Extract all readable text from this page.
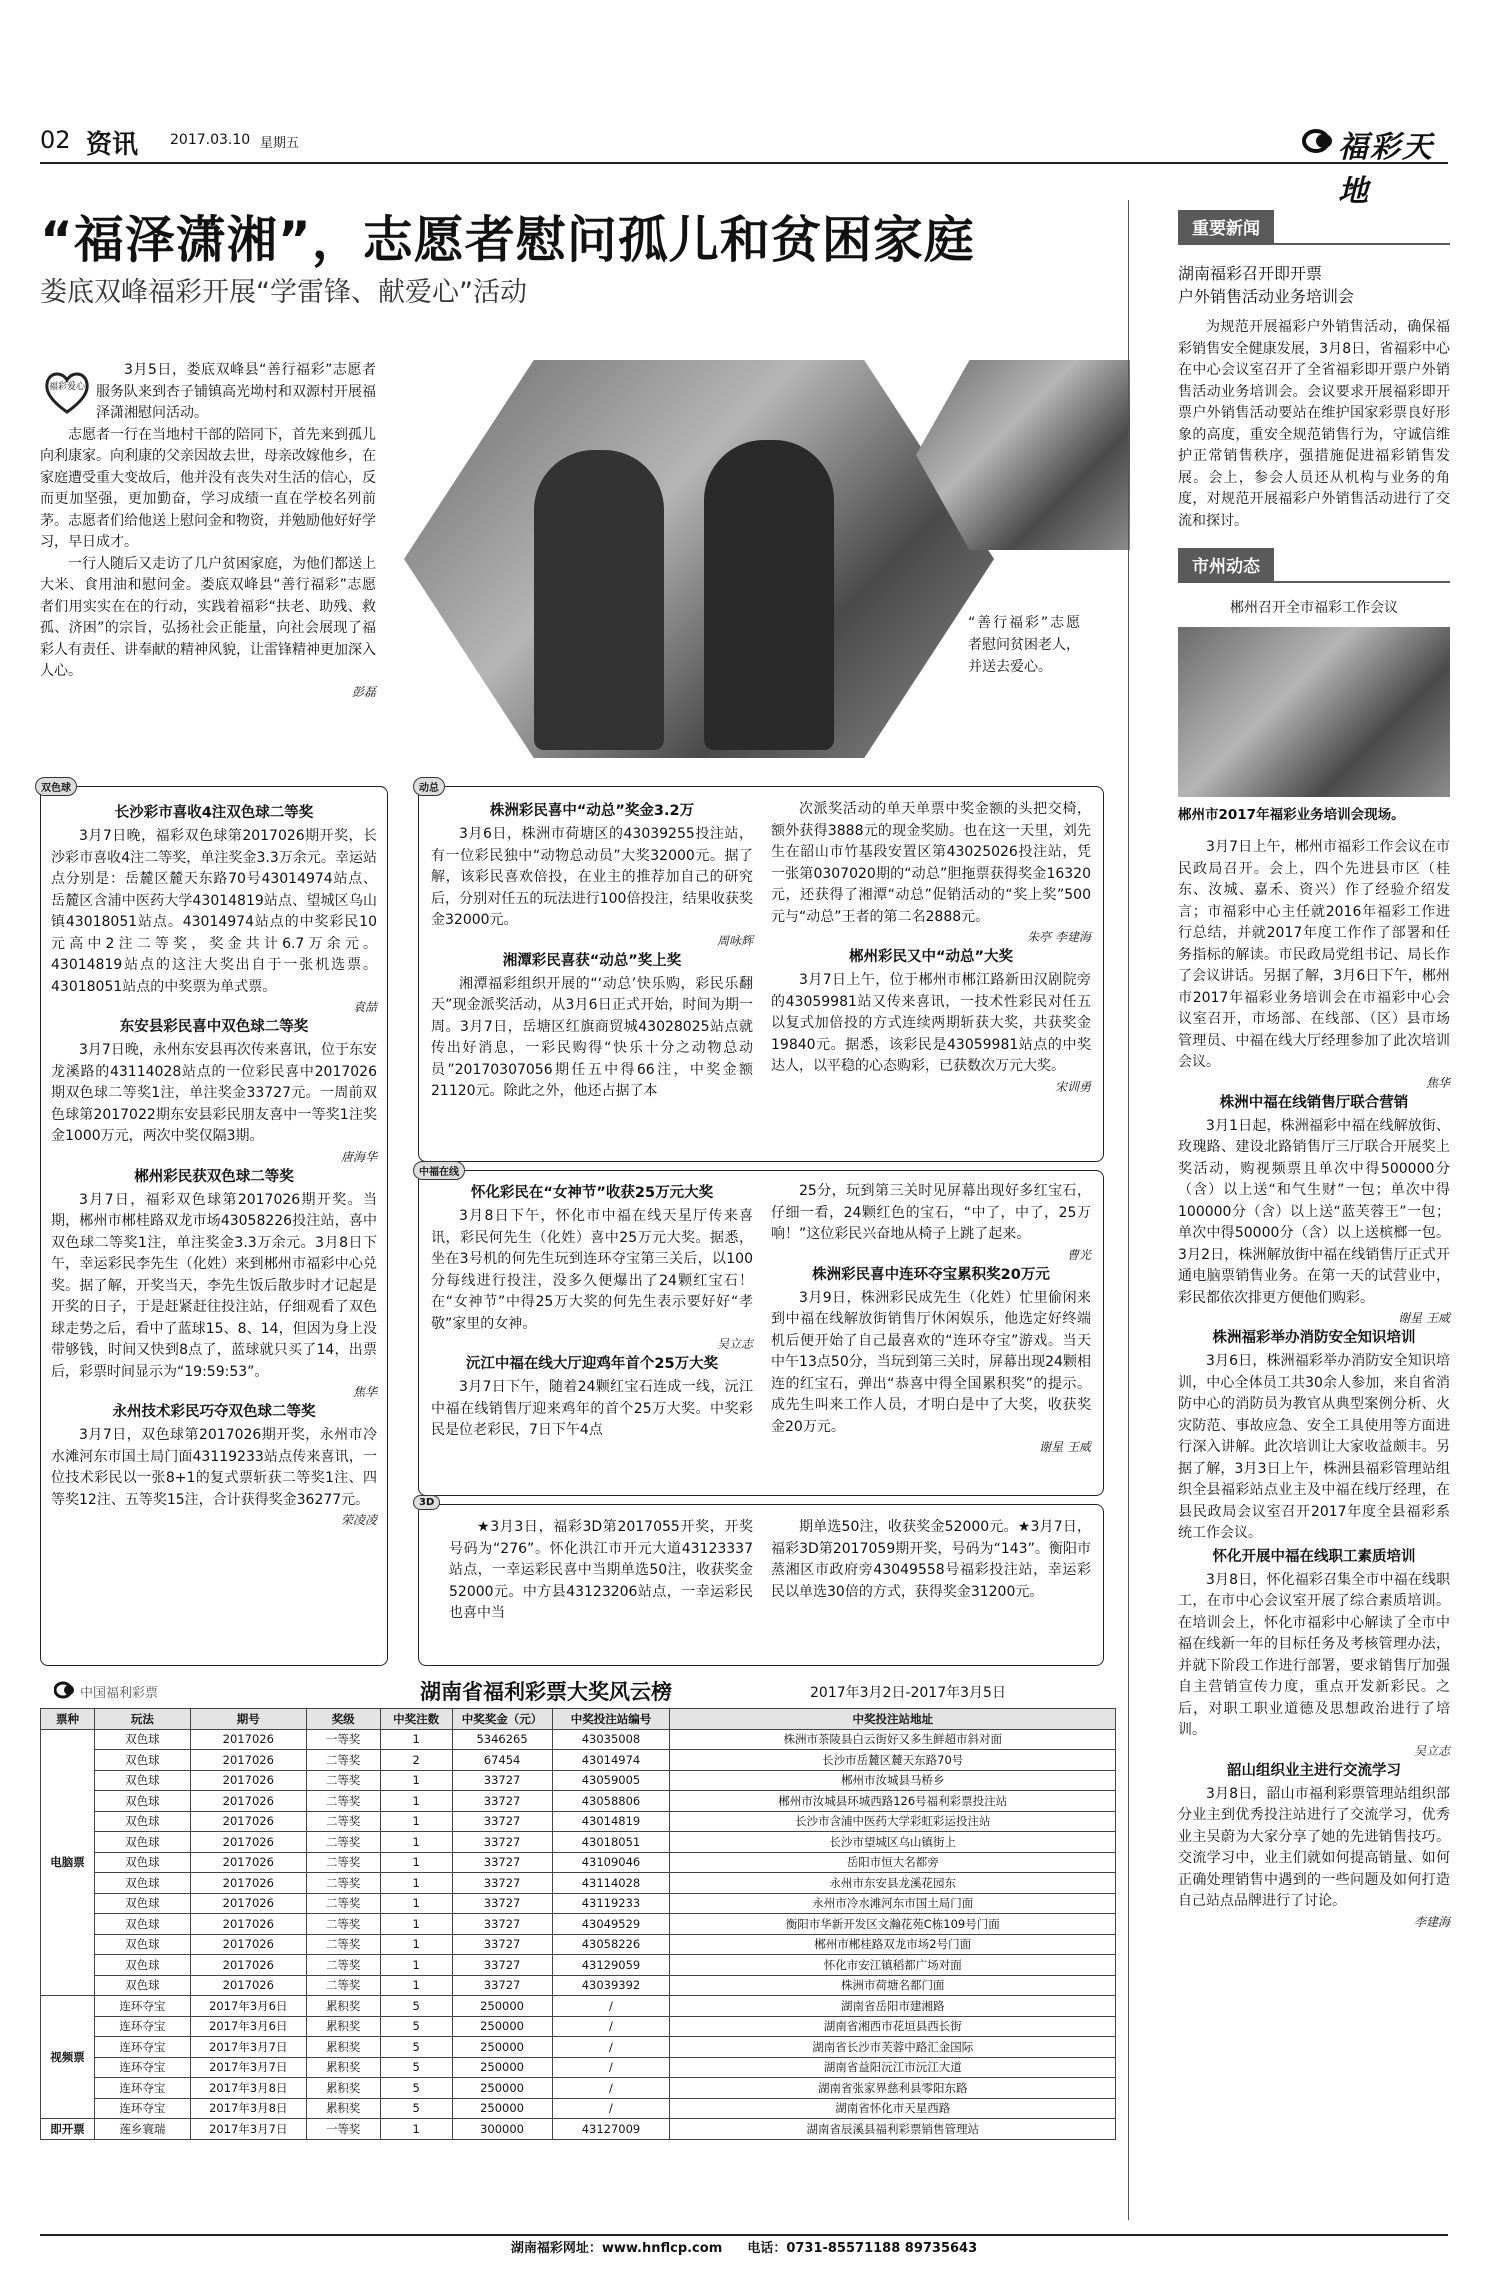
02 资讯 2017.03.10 星期五	福彩天地
“福泽潇湘”，志愿者慰问孤儿和贫困家庭
娄底双峰福彩开展“学雷锋、献爱心”活动
福彩爱心

3月5日，娄底双峰县“善行福彩”志愿者服务队来到杏子铺镇高光坳村和双源村开展福泽潇湘慰问活动。

志愿者一行在当地村干部的陪同下，首先来到孤儿向利康家。向利康的父亲因故去世，母亲改嫁他乡，在家庭遭受重大变故后，他并没有丧失对生活的信心，反而更加坚强，更加勤奋，学习成绩一直在学校名列前茅。志愿者们给他送上慰问金和物资，并勉励他好好学习，早日成才。

一行人随后又走访了几户贫困家庭，为他们都送上大米、食用油和慰问金。娄底双峰县“善行福彩”志愿者们用实实在在的行动，实践着福彩“扶老、助残、救孤、济困”的宗旨，弘扬社会正能量，向社会展现了福彩人有责任、讲奉献的精神风貌，让雷锋精神更加深入人心。

彭磊

“善行福彩”志愿者慰问贫困老人，并送去爱心。
双色球

长沙彩市喜收4注双色球二等奖

3月7日晚，福彩双色球第2017026期开奖，长沙彩市喜收4注二等奖，单注奖金3.3万余元。幸运站点分别是：岳麓区麓天东路70号43014974站点、岳麓区含浦中医药大学43014819站点、望城区乌山镇43018051站点。43014974站点的中奖彩民10元高中2注二等奖，奖金共计6.7万余元。43014819站点的这注大奖出自于一张机选票。43018051站点的中奖票为单式票。

袁喆

东安县彩民喜中双色球二等奖

3月7日晚，永州东安县再次传来喜讯，位于东安龙溪路的43114028站点的一位彩民喜中2017026期双色球二等奖1注，单注奖金33727元。一周前双色球第2017022期东安县彩民朋友喜中一等奖1注奖金1000万元，两次中奖仅隔3期。

唐海华

郴州彩民获双色球二等奖

3月7日，福彩双色球第2017026期开奖。当期，郴州市郴桂路双龙市场43058226投注站，喜中双色球二等奖1注，单注奖金3.3万余元。3月8日下午，幸运彩民李先生（化姓）来到郴州市福彩中心兑奖。据了解，开奖当天，李先生饭后散步时才记起是开奖的日子，于是赶紧赶往投注站，仔细观看了双色球走势之后，看中了蓝球15、8、14，但因为身上没带够钱，时间又快到8点了，蓝球就只买了14，出票后，彩票时间显示为“19:59:53”。

焦华

永州技术彩民巧夺双色球二等奖

3月7日，双色球第2017026期开奖，永州市冷水滩河东市国土局门面43119233站点传来喜讯，一位技术彩民以一张8+1的复式票斩获二等奖1注、四等奖12注、五等奖15注，合计获得奖金36277元。

荣凌凌

动总

株洲彩民喜中“动总”奖金3.2万

3月6日，株洲市荷塘区的43039255投注站，有一位彩民独中“动物总动员”大奖32000元。据了解，该彩民喜欢倍投，在业主的推荐加自己的研究后，分别对任五的玩法进行100倍投注，结果收获奖金32000元。

周咏辉

湘潭彩民喜获“动总”奖上奖

湘潭福彩组织开展的“‘动总’快乐购，彩民乐翻天”现金派奖活动，从3月6日正式开始，时间为期一周。3月7日，岳塘区红旗商贸城43028025站点就传出好消息，一彩民购得“快乐十分之动物总动员”20170307056期任五中得66注，中奖金额21120元。除此之外，他还占据了本

次派奖活动的单天单票中奖金额的头把交椅，额外获得3888元的现金奖励。也在这一天里，刘先生在韶山市竹基段安置区第43025026投注站，凭一张第0307020期的“动总”胆拖票获得奖金16320元，还获得了湘潭“动总”促销活动的“奖上奖”500元与“动总”王者的第二名2888元。

朱亭 李建海

郴州彩民又中“动总”大奖

3月7日上午，位于郴州市郴江路新田汉剧院旁的43059981站又传来喜讯，一技术性彩民对任五以复式加倍投的方式连续两期斩获大奖，共获奖金19840元。据悉，该彩民是43059981站点的中奖达人，以平稳的心态购彩，已获数次万元大奖。

宋训勇

中福在线

怀化彩民在“女神节”收获25万元大奖

3月8日下午，怀化市中福在线天星厅传来喜讯，彩民何先生（化姓）喜中25万元大奖。据悉，坐在3号机的何先生玩到连环夺宝第三关后，以100分每线进行投注，没多久便爆出了24颗红宝石！在“女神节”中得25万大奖的何先生表示要好好“孝敬”家里的女神。

吴立志

沅江中福在线大厅迎鸡年首个25万大奖

3月7日下午，随着24颗红宝石连成一线，沅江中福在线销售厅迎来鸡年的首个25万大奖。中奖彩民是位老彩民，7日下午4点

25分，玩到第三关时见屏幕出现好多红宝石，仔细一看，24颗红色的宝石，“中了，中了，25万响！”这位彩民兴奋地从椅子上跳了起来。

曹光

株洲彩民喜中连环夺宝累积奖20万元

3月9日，株洲彩民成先生（化姓）忙里偷闲来到中福在线解放街销售厅休闲娱乐，他选定好终端机后便开始了自己最喜欢的“连环夺宝”游戏。当天中午13点50分，当玩到第三关时，屏幕出现24颗相连的红宝石，弹出“恭喜中得全国累积奖”的提示。成先生叫来工作人员，才明白是中了大奖，收获奖金20万元。

谢星 王威

3D

★3月3日，福彩3D第2017055开奖，开奖号码为“276”。怀化洪江市开元大道43123337站点，一幸运彩民喜中当期单选50注，收获奖金52000元。中方县43123206站点，一幸运彩民也喜中当

期单选50注，收获奖金52000元。★3月7日，福彩3D第2017059期开奖，号码为“143”。衡阳市蒸湘区市政府旁43049558号福彩投注站，幸运彩民以单选30倍的方式，获得奖金31200元。

中国福利彩票	湖南省福利彩票大奖风云榜	2017年3月2日-2017年3月5日
票种	玩法	期号	奖级	中奖注数	中奖奖金（元）	中奖投注站编号	中奖投注站地址
电脑票	双色球	2017026	一等奖	1	5346265	43035008	株洲市茶陵县白云街好又多生鲜超市斜对面
	双色球	2017026	二等奖	2	67454	43014974	长沙市岳麓区麓天东路70号
	双色球	2017026	二等奖	1	33727	43059005	郴州市汝城县马桥乡
	双色球	2017026	二等奖	1	33727	43058806	郴州市汝城县环城西路126号福利彩票投注站
	双色球	2017026	二等奖	1	33727	43014819	长沙市含浦中医药大学彩虹彩运投注站
	双色球	2017026	二等奖	1	33727	43018051	长沙市望城区乌山镇街上
	双色球	2017026	二等奖	1	33727	43109046	岳阳市恒大名都旁
	双色球	2017026	二等奖	1	33727	43114028	永州市东安县龙溪花园东
	双色球	2017026	二等奖	1	33727	43119233	永州市冷水滩河东市国土局门面
	双色球	2017026	二等奖	1	33727	43049529	衡阳市华新开发区文瀚花苑C栋109号门面
	双色球	2017026	二等奖	1	33727	43058226	郴州市郴桂路双龙市场2号门面
	双色球	2017026	二等奖	1	33727	43129059	怀化市安江镇稻都广场对面
	双色球	2017026	二等奖	1	33727	43039392	株洲市荷塘名都门面
视频票	连环夺宝	2017年3月6日	累积奖	5	250000	/	湖南省岳阳市建湘路
	连环夺宝	2017年3月6日	累积奖	5	250000	/	湖南省湘西市花垣县西长街
	连环夺宝	2017年3月7日	累积奖	5	250000	/	湖南省长沙市芙蓉中路汇金国际
	连环夺宝	2017年3月7日	累积奖	5	250000	/	湖南省益阳沅江市沅江大道
	连环夺宝	2017年3月8日	累积奖	5	250000	/	湖南省张家界慈利县零阳东路
	连环夺宝	2017年3月8日	累积奖	5	250000	/	湖南省怀化市天星西路
即开票	莲乡寰瑞	2017年3月7日	一等奖	1	300000	43127009	湖南省辰溪县福利彩票销售管理站
重要新闻

湖南福彩召开即开票

户外销售活动业务培训会

为规范开展福彩户外销售活动，确保福彩销售安全健康发展，3月8日，省福彩中心在中心会议室召开了全省福彩即开票户外销售活动业务培训会。会议要求开展福彩即开票户外销售活动要站在维护国家彩票良好形象的高度，重安全规范销售行为，守诚信维护正常销售秩序，强措施促进福彩销售发展。会上，参会人员还从机构与业务的角度，对规范开展福彩户外销售活动进行了交流和探讨。

市州动态

郴州召开全市福彩工作会议

郴州市2017年福彩业务培训会现场。

3月7日上午，郴州市福彩工作会议在市民政局召开。会上，四个先进县市区（桂东、汝城、嘉禾、资兴）作了经验介绍发言；市福彩中心主任就2016年福彩工作进行总结，并就2017年度工作作了部署和任务指标的解读。市民政局党组书记、局长作了会议讲话。另据了解，3月6日下午，郴州市2017年福彩业务培训会在市福彩中心会议室召开，市场部、在线部、（区）县市场管理员、中福在线大厅经理参加了此次培训会议。

焦华

株洲中福在线销售厅联合营销

3月1日起，株洲福彩中福在线解放街、玫瑰路、建设北路销售厅三厅联合开展奖上奖活动，购视频票且单次中得500000分（含）以上送“和气生财”一包；单次中得100000分（含）以上送“蓝芙蓉王”一包；单次中得50000分（含）以上送槟榔一包。3月2日，株洲解放街中福在线销售厅正式开通电脑票销售业务。在第一天的试营业中，彩民都依次排更方便他们购彩。

谢星 王威

株洲福彩举办消防安全知识培训

3月6日，株洲福彩举办消防安全知识培训，中心全体员工共30余人参加，来自省消防中心的消防员为教官从典型案例分析、火灾防范、事故应急、安全工具使用等方面进行深入讲解。此次培训让大家收益颇丰。另据了解，3月3日上午，株洲县福彩管理站组织全县福彩站点业主及中福在线厅经理，在县民政局会议室召开2017年度全县福彩系统工作会议。

怀化开展中福在线职工素质培训

3月8日，怀化福彩召集全市中福在线职工，在市中心会议室开展了综合素质培训。在培训会上，怀化市福彩中心解读了全市中福在线新一年的目标任务及考核管理办法，并就下阶段工作进行部署，要求销售厅加强自主营销宣传力度，重点开发新彩民。之后，对职工职业道德及思想政治进行了培训。

吴立志

韶山组织业主进行交流学习

3月8日，韶山市福利彩票管理站组织部分业主到优秀投注站进行了交流学习，优秀业主吴蔚为大家分享了她的先进销售技巧。交流学习中，业主们就如何提高销量、如何正确处理销售中遇到的一些问题及如何打造自己站点品牌进行了讨论。

李建海

湖南福彩网址：www.hnflcp.com 电话：0731-85571188 89735643
